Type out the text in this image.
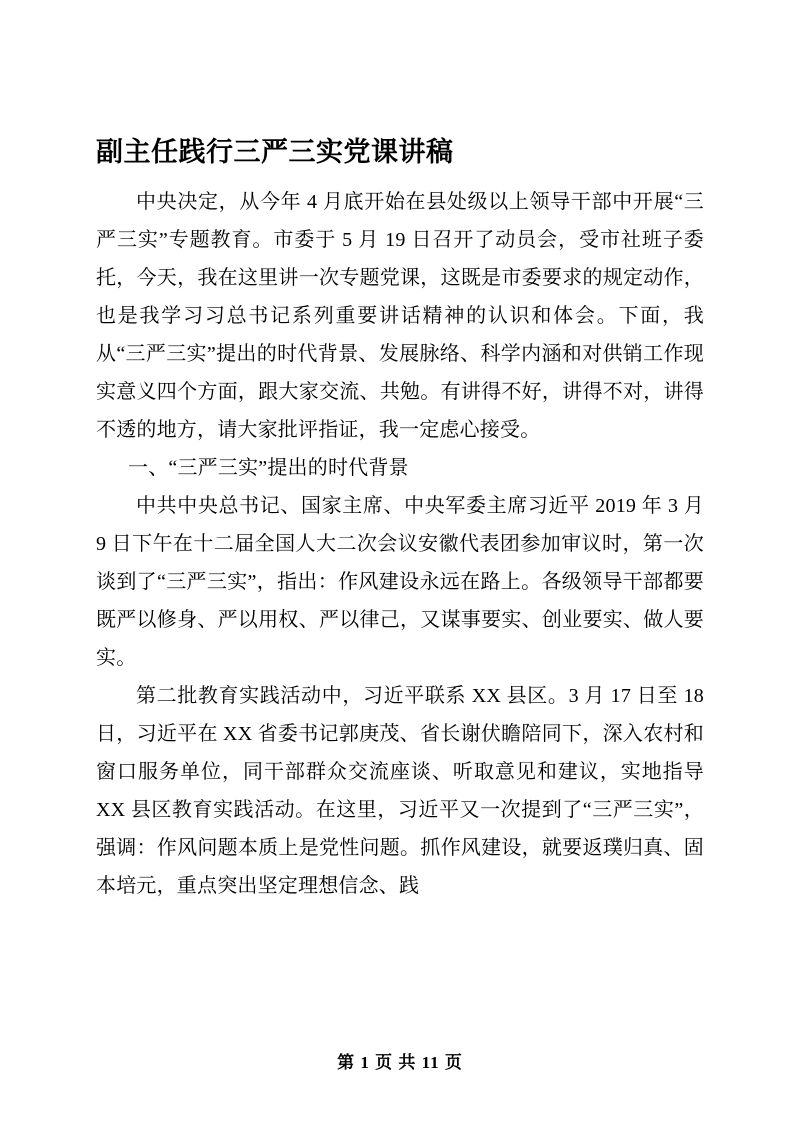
副主任践行三严三实党课讲稿

中央决定，从今年 4 月底开始在县处级以上领导干部中开展“三严三实”专题教育。市委于 5 月 19 日召开了动员会，受市社班子委托，今天，我在这里讲一次专题党课，这既是市委要求的规定动作，也是我学习习总书记系列重要讲话精神的认识和体会。下面，我从“三严三实”提出的时代背景、发展脉络、科学内涵和对供销工作现实意义四个方面，跟大家交流、共勉。有讲得不好，讲得不对，讲得不透的地方，请大家批评指证，我一定虑心接受。

一、“三严三实”提出的时代背景

中共中央总书记、国家主席、中央军委主席习近平 2019 年 3 月 9 日下午在十二届全国人大二次会议安徽代表团参加审议时，第一次谈到了“三严三实”，指出：作风建设永远在路上。各级领导干部都要既严以修身、严以用权、严以律己，又谋事要实、创业要实、做人要实。

第二批教育实践活动中，习近平联系 XX 县区。3 月 17 日至 18 日，习近平在 XX 省委书记郭庚茂、省长谢伏瞻陪同下，深入农村和窗口服务单位，同干部群众交流座谈、听取意见和建议，实地指导 XX 县区教育实践活动。在这里，习近平又一次提到了“三严三实”，强调：作风问题本质上是党性问题。抓作风建设，就要返璞归真、固本培元，重点突出坚定理想信念、践

第 1 页 共 11 页
